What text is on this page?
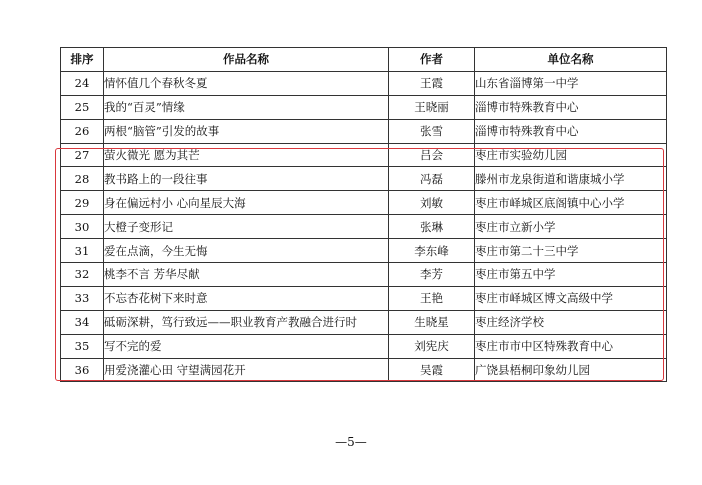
排序	作品名称	作者	单位名称
24	情怀值几个春秋冬夏	王霞	山东省淄博第一中学
25	我的“百灵”情缘	王晓丽	淄博市特殊教育中心
26	两根“脑管”引发的故事	张雪	淄博市特殊教育中心
27	萤火微光 愿为其芒	吕会	枣庄市实验幼儿园
28	教书路上的一段往事	冯磊	滕州市龙泉街道和谐康城小学
29	身在偏远村小 心向星辰大海	刘敏	枣庄市峄城区底阁镇中心小学
30	大橙子变形记	张琳	枣庄市立新小学
31	爱在点滴，今生无悔	李东峰	枣庄市第二十三中学
32	桃李不言 芳华尽献	李芳	枣庄市第五中学
33	不忘杏花树下来时意	王艳	枣庄市峄城区博文高级中学
34	砥砺深耕，笃行致远——职业教育产教融合进行时	生晓星	枣庄经济学校
35	写不完的爱	刘宪庆	枣庄市市中区特殊教育中心
36	用爱浇灌心田 守望满园花开	吴霞	广饶县梧桐印象幼儿园
—5—
